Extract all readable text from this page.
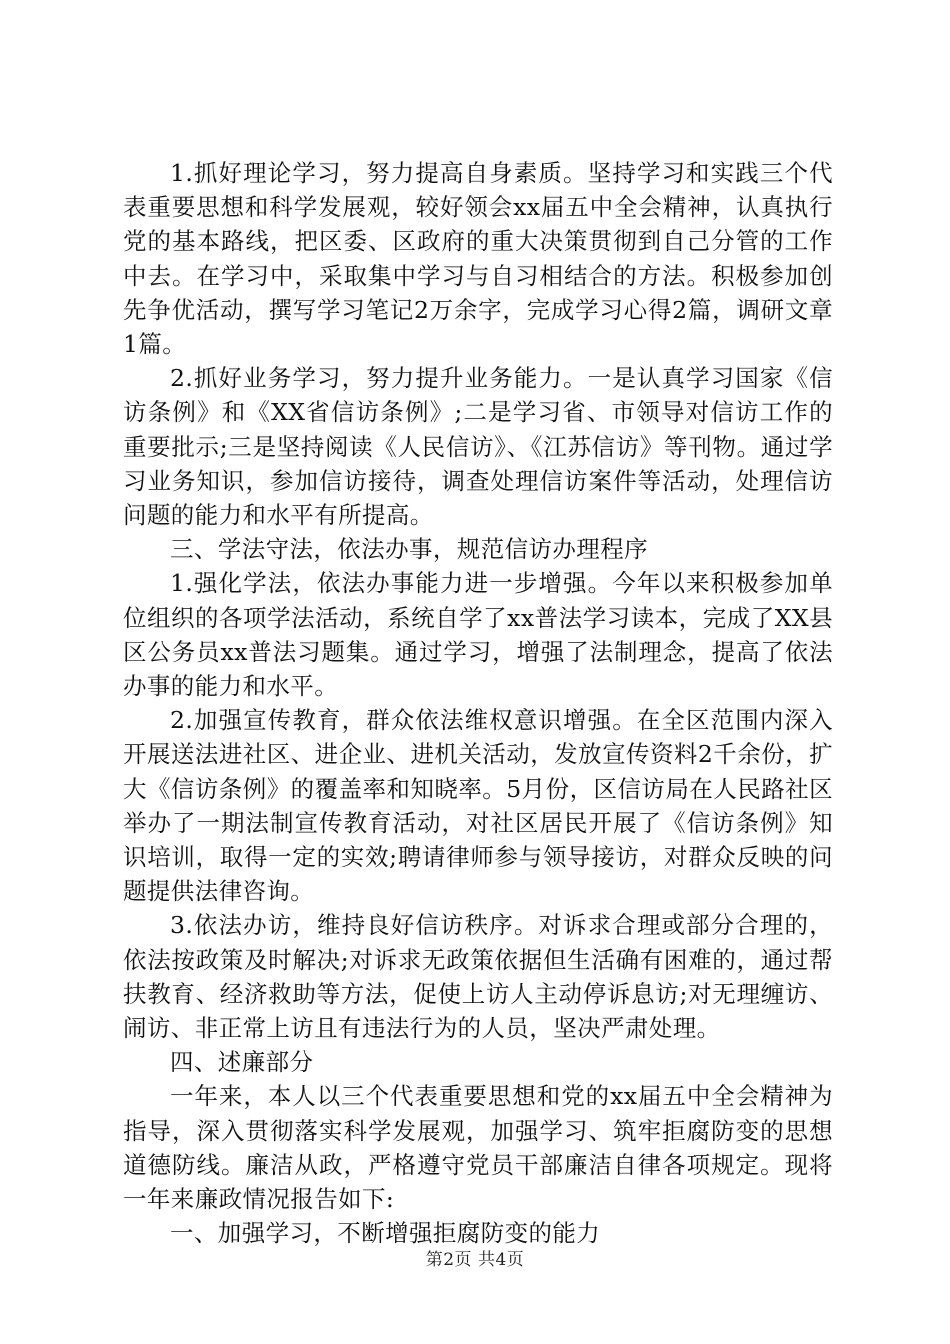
1.抓好理论学习，努力提高自身素质。坚持学习和实践三个代表重要思想和科学发展观，较好领会xx届五中全会精神，认真执行党的基本路线，把区委、区政府的重大决策贯彻到自己分管的工作中去。在学习中，采取集中学习与自习相结合的方法。积极参加创先争优活动，撰写学习笔记2万余字，完成学习心得2篇，调研文章1篇。

2.抓好业务学习，努力提升业务能力。一是认真学习国家《信访条例》和《XX省信访条例》;二是学习省、市领导对信访工作的重要批示;三是坚持阅读《人民信访》、《江苏信访》等刊物。通过学习业务知识，参加信访接待，调查处理信访案件等活动，处理信访问题的能力和水平有所提高。

三、学法守法，依法办事，规范信访办理程序

1.强化学法，依法办事能力进一步增强。今年以来积极参加单位组织的各项学法活动，系统自学了xx普法学习读本，完成了XX县区公务员xx普法习题集。通过学习，增强了法制理念，提高了依法办事的能力和水平。

2.加强宣传教育，群众依法维权意识增强。在全区范围内深入开展送法进社区、进企业、进机关活动，发放宣传资料2千余份，扩大《信访条例》的覆盖率和知晓率。5月份，区信访局在人民路社区举办了一期法制宣传教育活动，对社区居民开展了《信访条例》知识培训，取得一定的实效;聘请律师参与领导接访，对群众反映的问题提供法律咨询。

3.依法办访，维持良好信访秩序。对诉求合理或部分合理的，依法按政策及时解决;对诉求无政策依据但生活确有困难的，通过帮扶教育、经济救助等方法，促使上访人主动停诉息访;对无理缠访、闹访、非正常上访且有违法行为的人员，坚决严肃处理。

四、述廉部分

一年来，本人以三个代表重要思想和党的xx届五中全会精神为指导，深入贯彻落实科学发展观，加强学习、筑牢拒腐防变的思想道德防线。廉洁从政，严格遵守党员干部廉洁自律各项规定。现将一年来廉政情况报告如下:

一、加强学习，不断增强拒腐防变的能力

第2页 共4页
